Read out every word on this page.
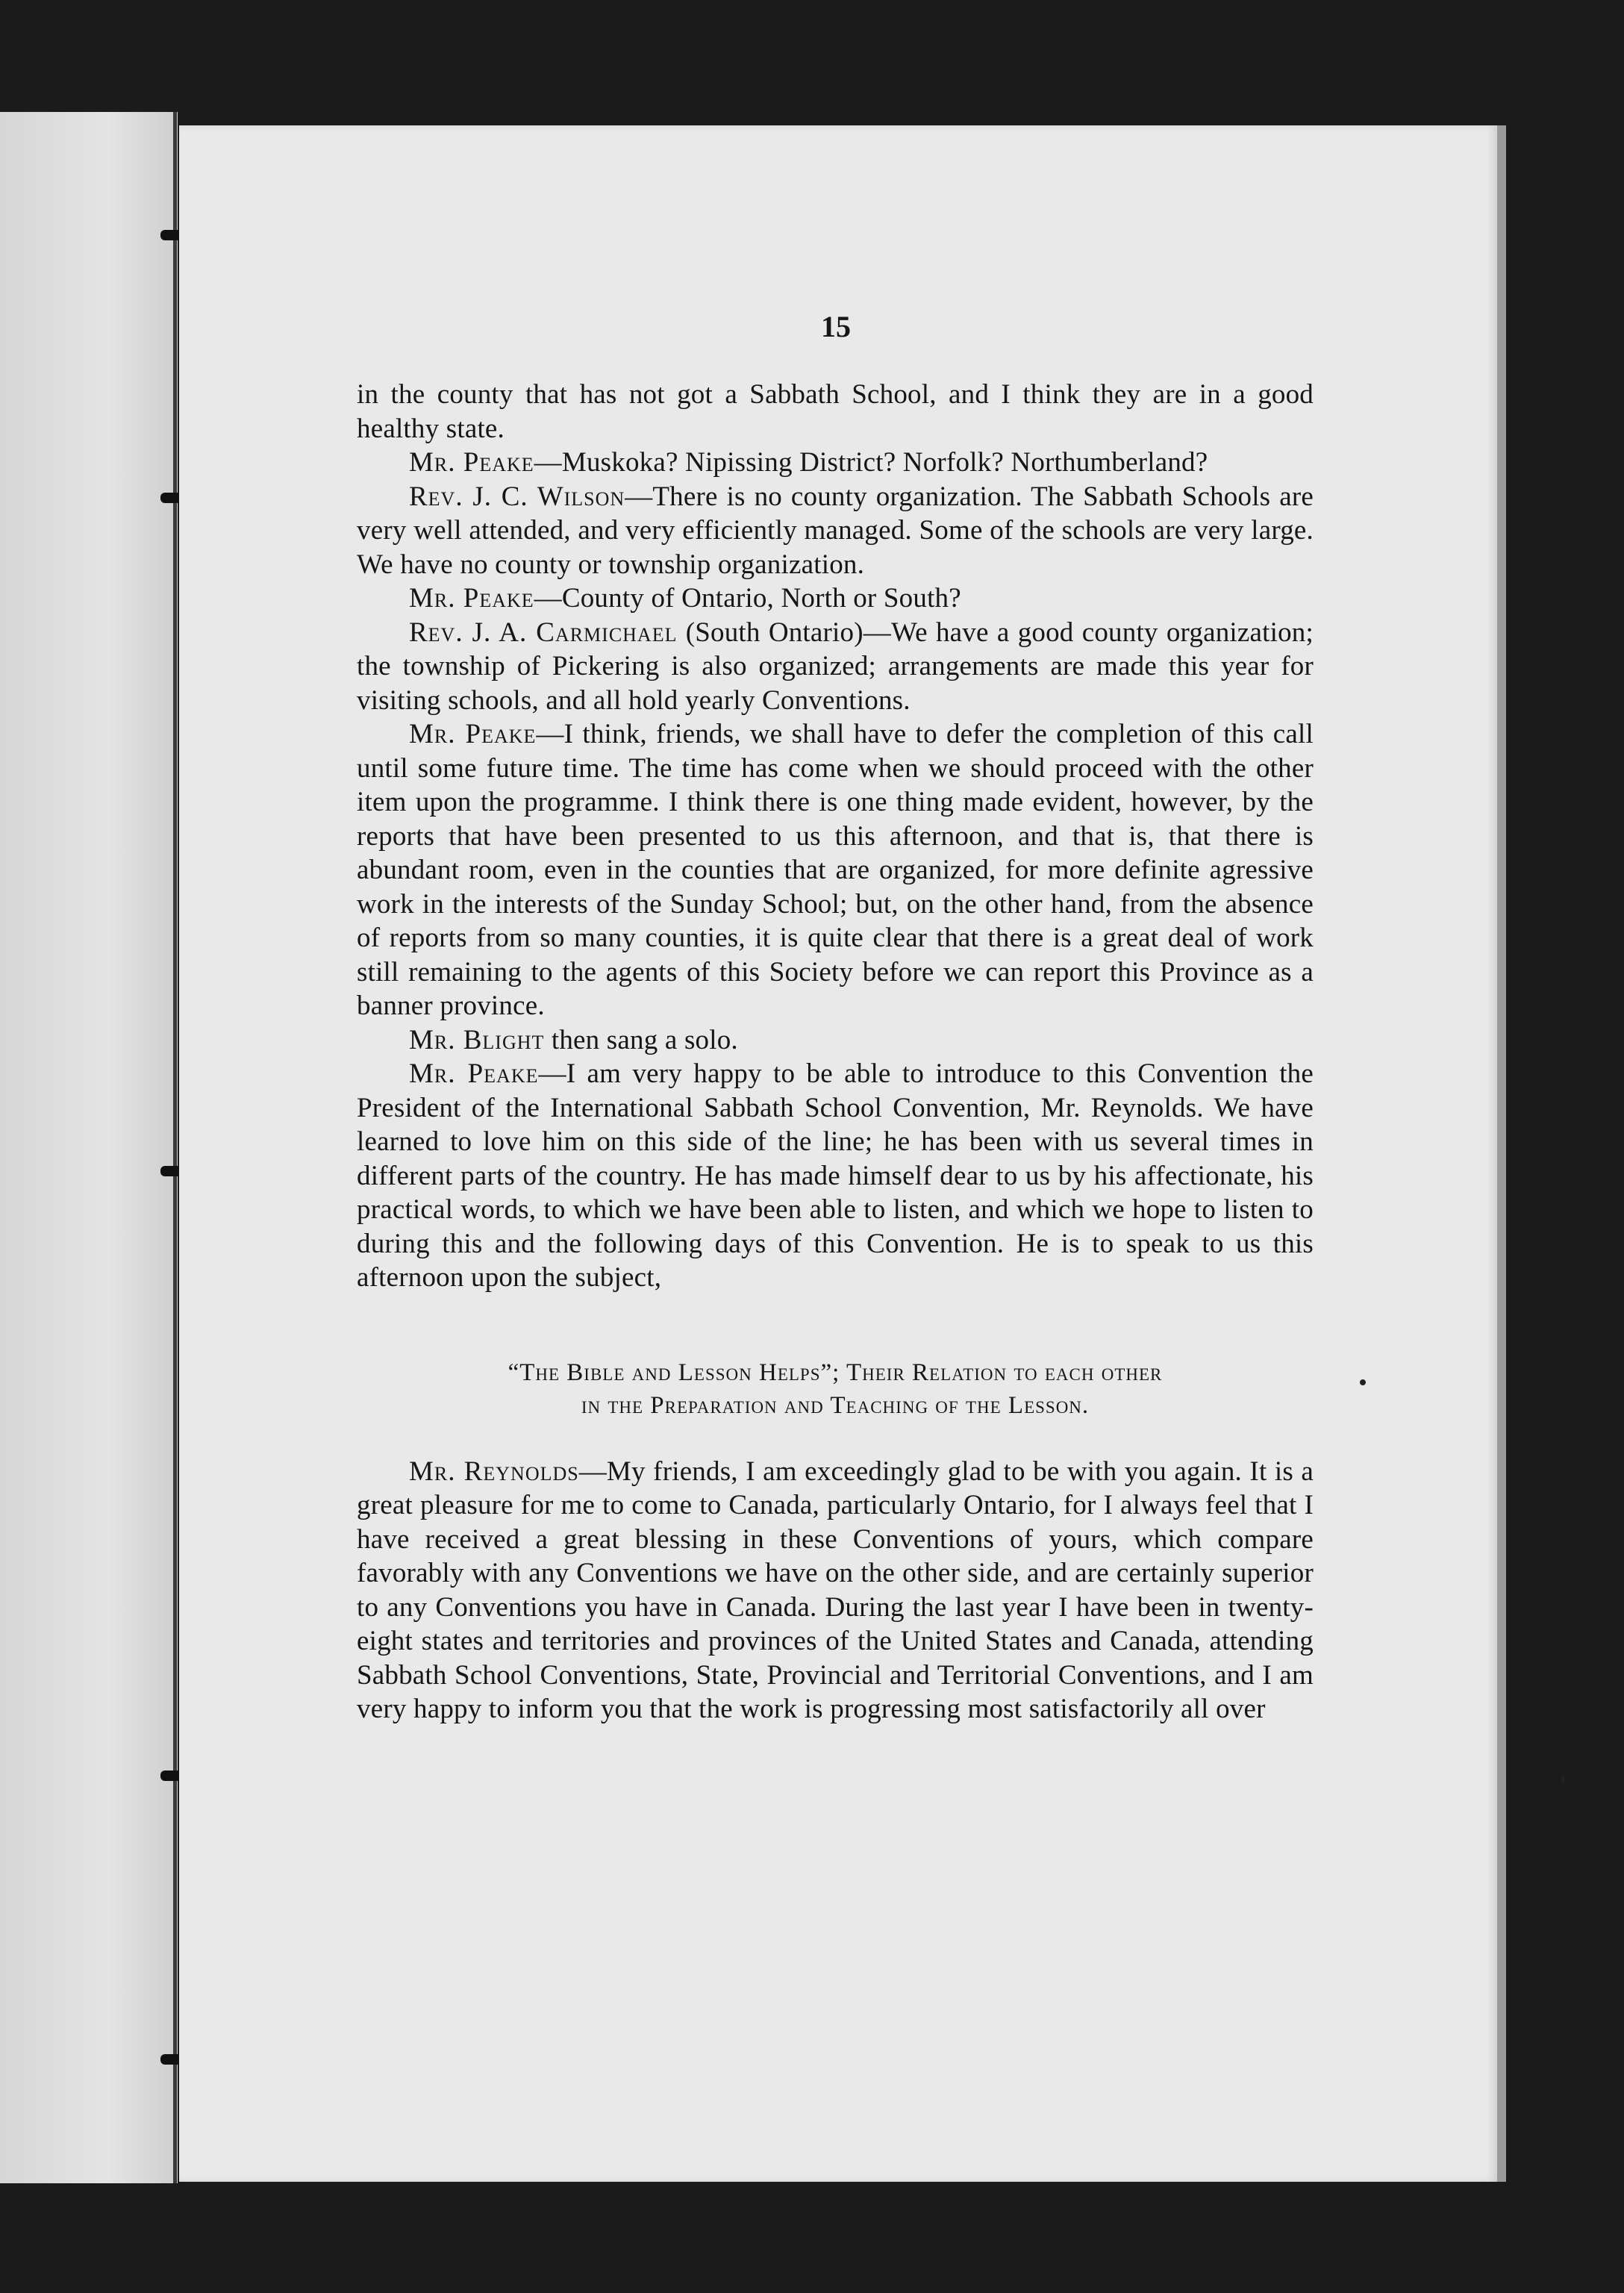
15

in the county that has not got a Sabbath School, and I think they are in a good healthy state.

Mr. Peake—Muskoka? Nipissing District? Norfolk? Northumberland?

Rev. J. C. Wilson—There is no county organization. The Sabbath Schools are very well attended, and very efficiently managed. Some of the schools are very large. We have no county or township organization.

Mr. Peake—County of Ontario, North or South?

Rev. J. A. Carmichael (South Ontario)—We have a good county organization; the township of Pickering is also organized; arrangements are made this year for visiting schools, and all hold yearly Conventions.

Mr. Peake—I think, friends, we shall have to defer the completion of this call until some future time. The time has come when we should proceed with the other item upon the programme. I think there is one thing made evident, however, by the reports that have been presented to us this afternoon, and that is, that there is abundant room, even in the counties that are organized, for more definite agressive work in the interests of the Sunday School; but, on the other hand, from the absence of reports from so many counties, it is quite clear that there is a great deal of work still remaining to the agents of this Society before we can report this Province as a banner province.

Mr. Blight then sang a solo.

Mr. Peake—I am very happy to be able to introduce to this Convention the President of the International Sabbath School Convention, Mr. Reynolds. We have learned to love him on this side of the line; he has been with us several times in different parts of the country. He has made himself dear to us by his affectionate, his practical words, to which we have been able to listen, and which we hope to listen to during this and the following days of this Convention. He is to speak to us this afternoon upon the subject,

“The Bible and Lesson Helps”; Their Relation to each other
in the Preparation and Teaching of the Lesson.

Mr. Reynolds—My friends, I am exceedingly glad to be with you again. It is a great pleasure for me to come to Canada, particularly Ontario, for I always feel that I have received a great blessing in these Conventions of yours, which compare favorably with any Conventions we have on the other side, and are certainly superior to any Conventions you have in Canada. During the last year I have been in twenty-eight states and territories and provinces of the United States and Canada, attending Sabbath School Conventions, State, Provincial and Territorial Conventions, and I am very happy to inform you that the work is progressing most satisfactorily all over
